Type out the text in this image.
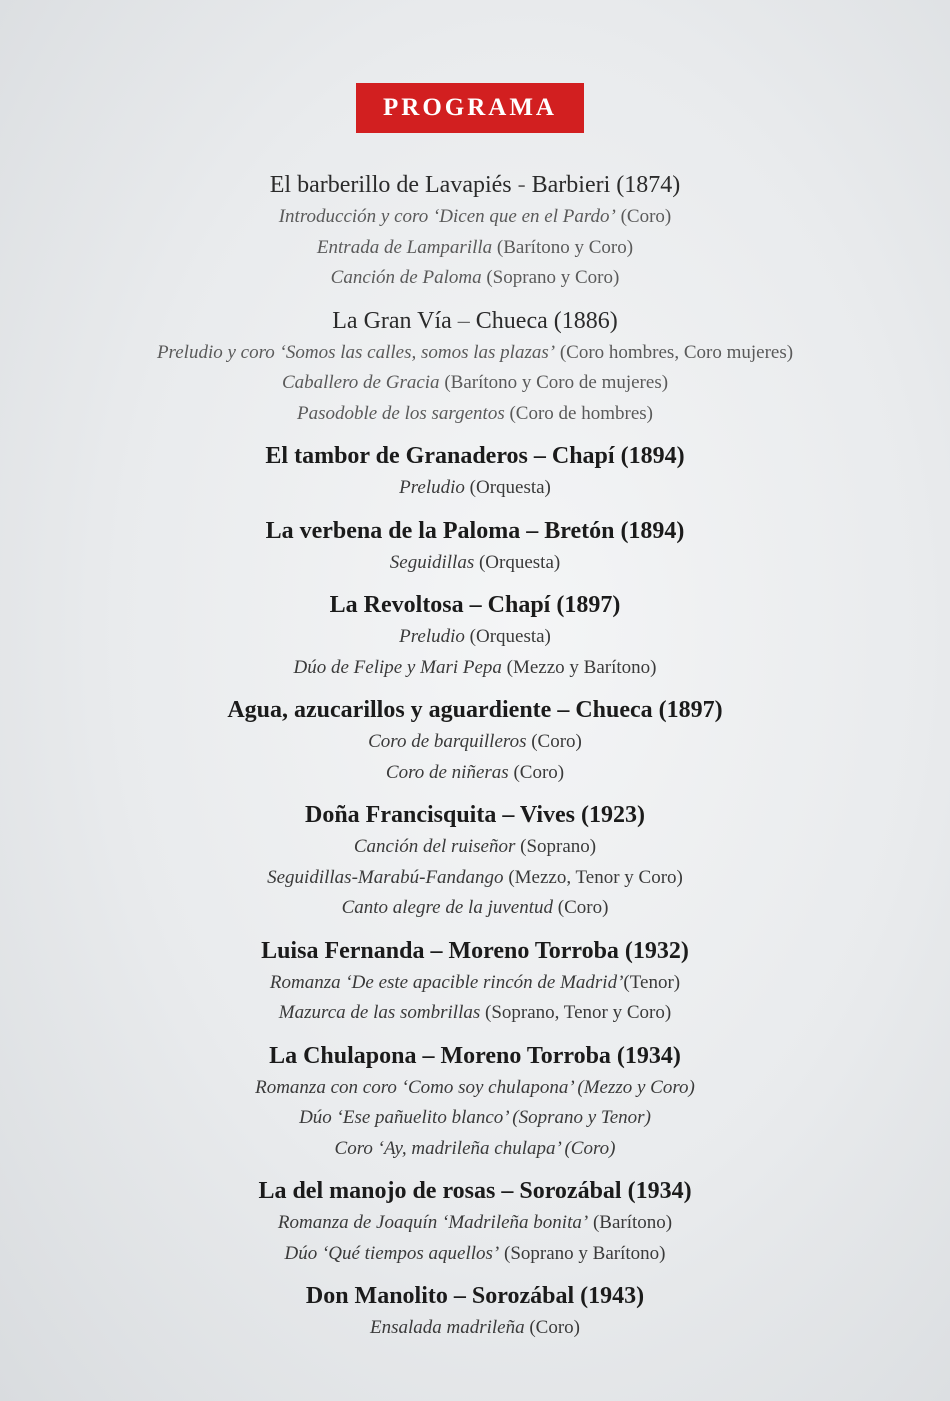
PROGRAMA
El barberillo de Lavapiés - Barbieri (1874)
Introducción y coro ‘Dicen que en el Pardo’ (Coro)
Entrada de Lamparilla (Barítono y Coro)
Canción de Paloma (Soprano y Coro)
La Gran Vía – Chueca (1886)
Preludio y coro ‘Somos las calles, somos las plazas’ (Coro hombres, Coro mujeres)
Caballero de Gracia (Barítono y Coro de mujeres)
Pasodoble de los sargentos (Coro de hombres)
El tambor de Granaderos – Chapí (1894)
Preludio (Orquesta)
La verbena de la Paloma – Bretón (1894)
Seguidillas (Orquesta)
La Revoltosa – Chapí (1897)
Preludio (Orquesta)
Dúo de Felipe y Mari Pepa (Mezzo y Barítono)
Agua, azucarillos y aguardiente – Chueca (1897)
Coro de barquilleros (Coro)
Coro de niñeras (Coro)
Doña Francisquita – Vives (1923)
Canción del ruiseñor (Soprano)
Seguidillas-Marabú-Fandango (Mezzo, Tenor y Coro)
Canto alegre de la juventud (Coro)
Luisa Fernanda – Moreno Torroba (1932)
Romanza ‘De este apacible rincón de Madrid’(Tenor)
Mazurca de las sombrillas (Soprano, Tenor y Coro)
La Chulapona – Moreno Torroba (1934)
Romanza con coro ‘Como soy chulapona’ (Mezzo y Coro)
Dúo ‘Ese pañuelito blanco’ (Soprano y Tenor)
Coro ‘Ay, madrileña chulapa’ (Coro)
La del manojo de rosas – Sorozábal (1934)
Romanza de Joaquín ‘Madrileña bonita’ (Barítono)
Dúo ‘Qué tiempos aquellos’ (Soprano y Barítono)
Don Manolito – Sorozábal (1943)
Ensalada madrileña (Coro)
